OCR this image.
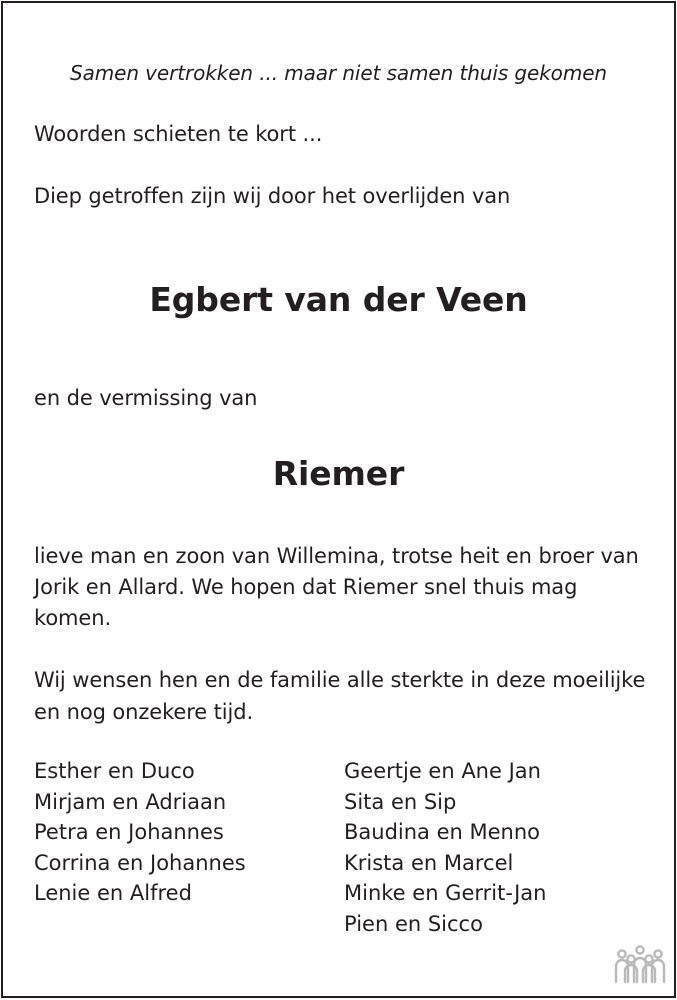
Samen vertrokken ... maar niet samen thuis gekomen
Woorden schieten te kort ...
Diep getroffen zijn wij door het overlijden van
Egbert van der Veen
en de vermissing van
Riemer
lieve man en zoon van Willemina, trotse heit en broer van Jorik en Allard. We hopen dat Riemer snel thuis mag komen.
Wij wensen hen en de familie alle sterkte in deze moeilijke en nog onzekere tijd.
Esther en Duco
Mirjam en Adriaan
Petra en Johannes
Corrina en Johannes
Lenie en Alfred
Geertje en Ane Jan
Sita en Sip
Baudina en Menno
Krista en Marcel
Minke en Gerrit-Jan
Pien en Sicco
